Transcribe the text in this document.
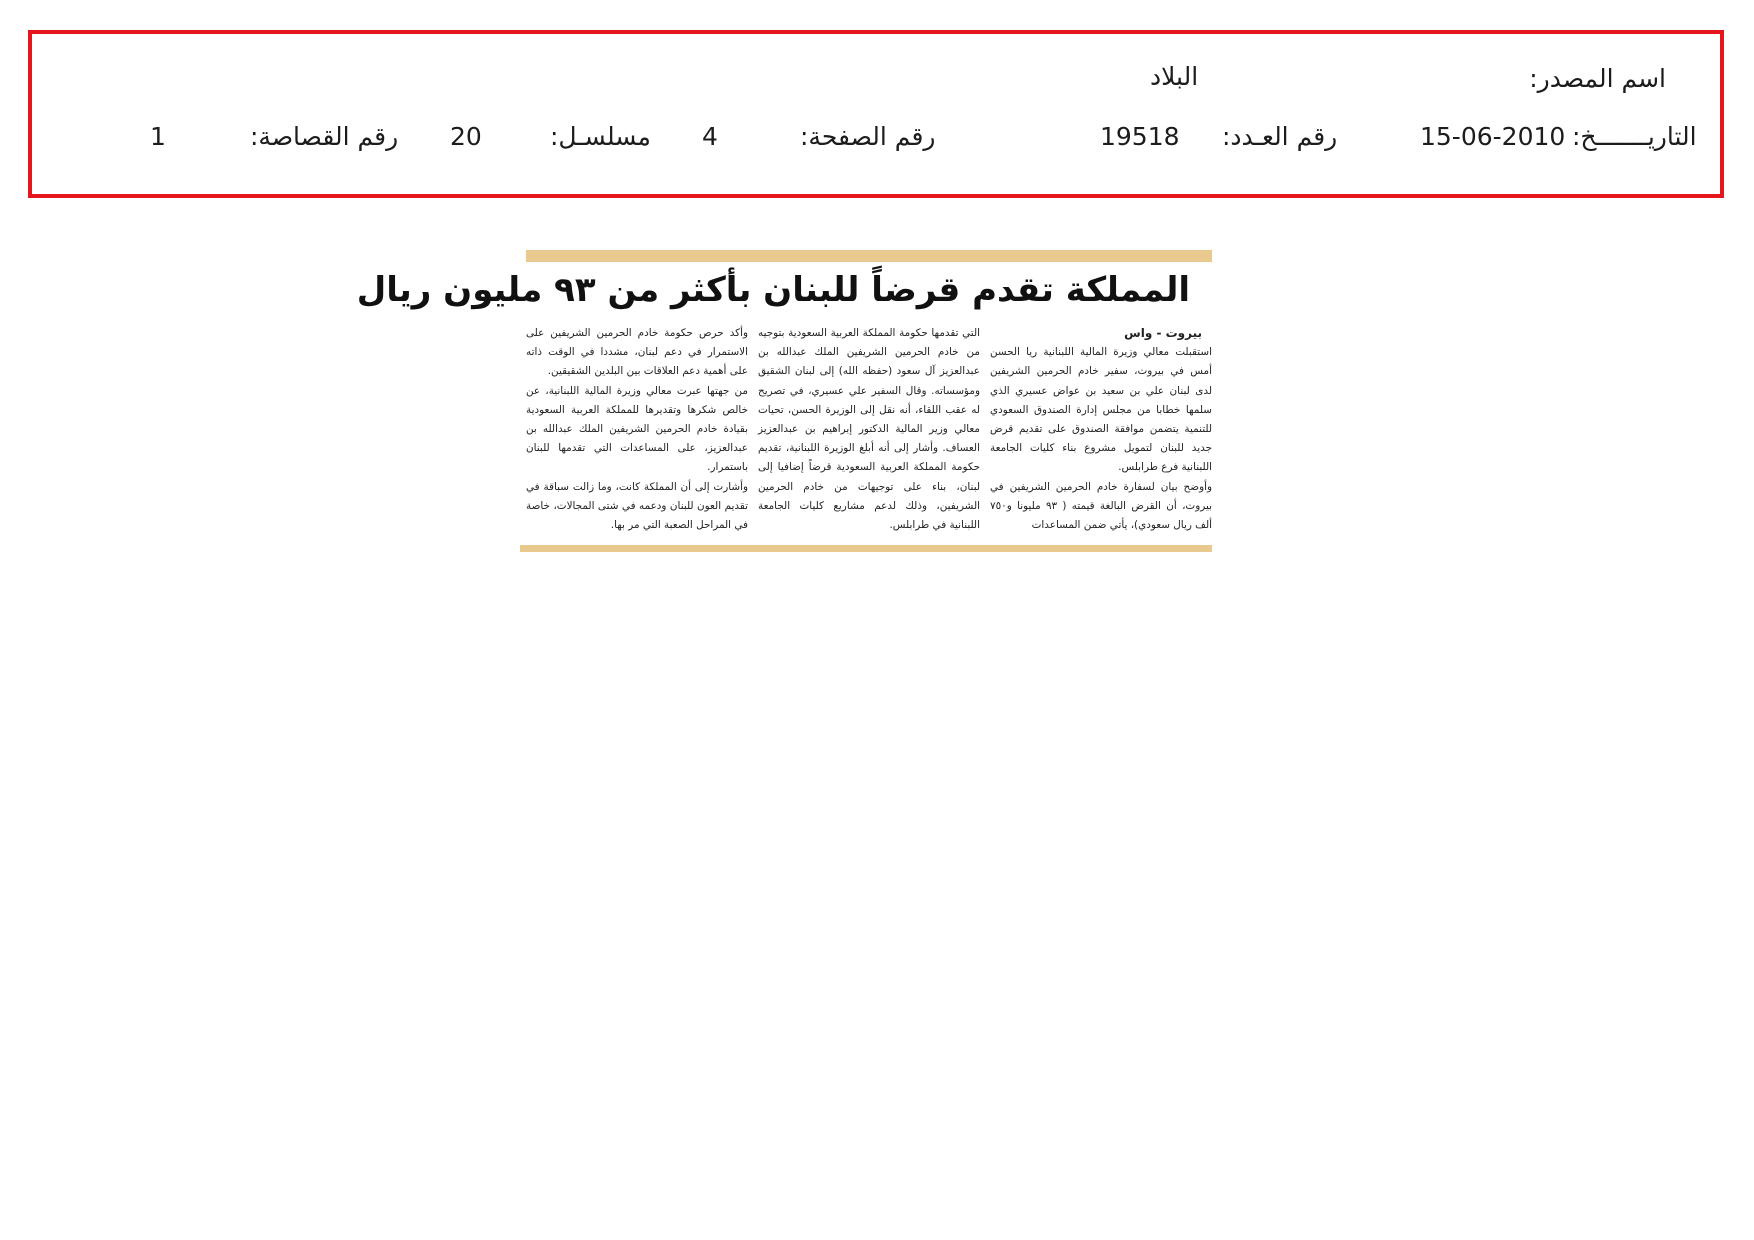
اسم المصدر:
البلاد
التاريـــــــخ:
15-06-2010
رقم العـدد:
19518
رقم الصفحة:
4
مسلسـل:
20
رقم القصاصة:
1
المملكة تقدم قرضاً للبنان بأكثر من ٩٣ مليون ريال

بيروت - واس

استقبلت معالي وزيرة المالية اللبنانية ريا الحسن أمس في بيروت، سفير خادم الحرمين الشريفين لدى لبنان علي بن سعيد بن عواض عسيري الذي سلمها خطابا من مجلس إدارة الصندوق السعودي للتنمية يتضمن موافقة الصندوق على تقديم قرض جديد للبنان لتمويل مشروع بناء كليات الجامعة اللبنانية فرع طرابلس.

وأوضح بيان لسفارة خادم الحرمين الشريفين في بيروت، أن القرض البالغة قيمته ( ٩٣ مليونا و٧٥٠ ألف ريال سعودي)، يأتي ضمن المساعدات

التي تقدمها حكومة المملكة العربية السعودية بتوجيه من خادم الحرمين الشريفين الملك عبدالله بن عبدالعزيز آل سعود (حفظه الله) إلى لبنان الشقيق ومؤسساته. وقال السفير علي عسيري، في تصريح له عقب اللقاء، أنه نقل إلى الوزيرة الحسن، تحيات معالي وزير المالية الدكتور إبراهيم بن عبدالعزيز العساف. وأشار إلى أنه أبلغ الوزيرة اللبنانية، تقديم حكومة المملكة العربية السعودية قرضاً إضافيا إلى لبنان، بناء على توجيهات من خادم الحرمين الشريفين، وذلك لدعم مشاريع كليات الجامعة اللبنانية في طرابلس.

وأكد حرص حكومة خادم الحرمين الشريفين على الاستمرار في دعم لبنان، مشددا في الوقت ذاته على أهمية دعم العلاقات بين البلدين الشقيقين.

من جهتها عبرت معالي وزيرة المالية اللبنانية، عن خالص شكرها وتقديرها للمملكة العربية السعودية بقيادة خادم الحرمين الشريفين الملك عبدالله بن عبدالعزيز، على المساعدات التي تقدمها للبنان باستمرار.

وأشارت إلى أن المملكة كانت، وما زالت سباقة في تقديم العون للبنان ودعمه في شتى المجالات، خاصة في المراحل الصعبة التي مر بها.
